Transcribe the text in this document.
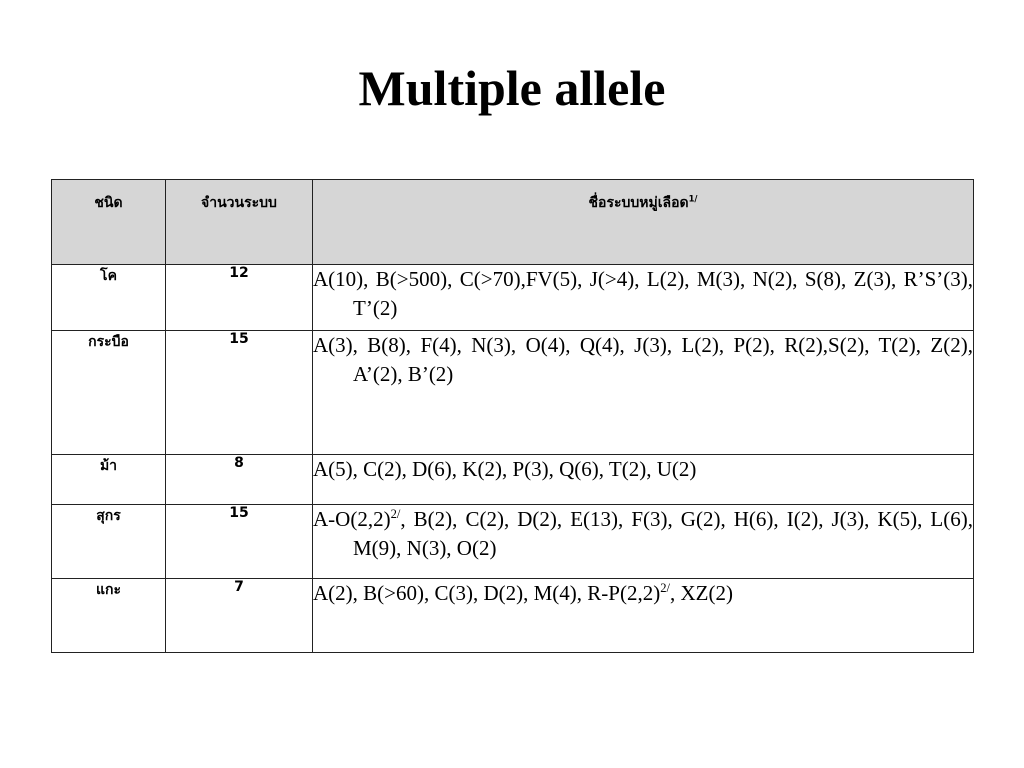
Multiple allele
ชนิด	จำนวนระบบ	ชื่อระบบหมู่เลือด$^{1/}$
โค	12	A(10), B(>500), C(>70),FV(5), J(>4), L(2), M(3), N(2), S(8), Z(3), R’S’(3), T’(2)

กระบือ	15	A(3), B(8), F(4), N(3), O(4), Q(4), J(3), L(2), P(2), R(2),S(2), T(2), Z(2), A’(2), B’(2)

ม้า	8	A(5), C(2), D(6), K(2), P(3), Q(6), T(2), U(2)

สุกร	15	$A-O(2,2)^{2/}$, B(2), C(2), D(2), E(13), F(3), G(2), H(6), I(2), J(3), K(5), L(6), M(9), N(3), O(2)

แกะ	7	A(2), B(>60), C(3), D(2), M(4), $R-P(2,2)^{2/}$, XZ(2)
